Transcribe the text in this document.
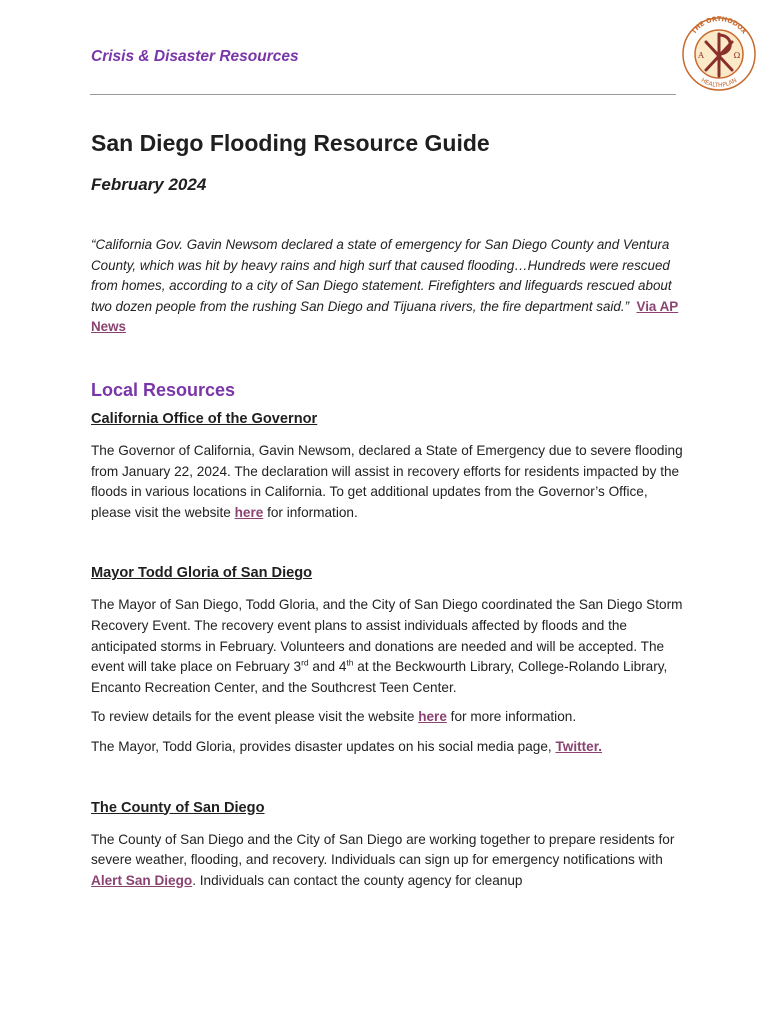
Crisis & Disaster Resources
THE ORTHODOX
HEALTHPLAN
A	Ω
San Diego Flooding Resource Guide
February 2024

“California Gov. Gavin Newsom declared a state of emergency for San Diego County and Ventura County, which was hit by heavy rains and high surf that caused flooding…Hundreds were rescued from homes, according to a city of San Diego statement. Firefighters and lifeguards rescued about two dozen people from the rushing San Diego and Tijuana rivers, the fire department said.” Via AP News

Local Resources
California Office of the Governor

The Governor of California, Gavin Newsom, declared a State of Emergency due to severe flooding from January 22, 2024. The declaration will assist in recovery efforts for residents impacted by the floods in various locations in California. To get additional updates from the Governor’s Office, please visit the website here for information.

Mayor Todd Gloria of San Diego

The Mayor of San Diego, Todd Gloria, and the City of San Diego coordinated the San Diego Storm Recovery Event. The recovery event plans to assist individuals affected by floods and the anticipated storms in February. Volunteers and donations are needed and will be accepted. The event will take place on February 3rd and 4th at the Beckwourth Library, College-Rolando Library, Encanto Recreation Center, and the Southcrest Teen Center.

To review details for the event please visit the website here for more information.

The Mayor, Todd Gloria, provides disaster updates on his social media page, Twitter.

The County of San Diego

The County of San Diego and the City of San Diego are working together to prepare residents for severe weather, flooding, and recovery. Individuals can sign up for emergency notifications with Alert San Diego. Individuals can contact the county agency for cleanup
